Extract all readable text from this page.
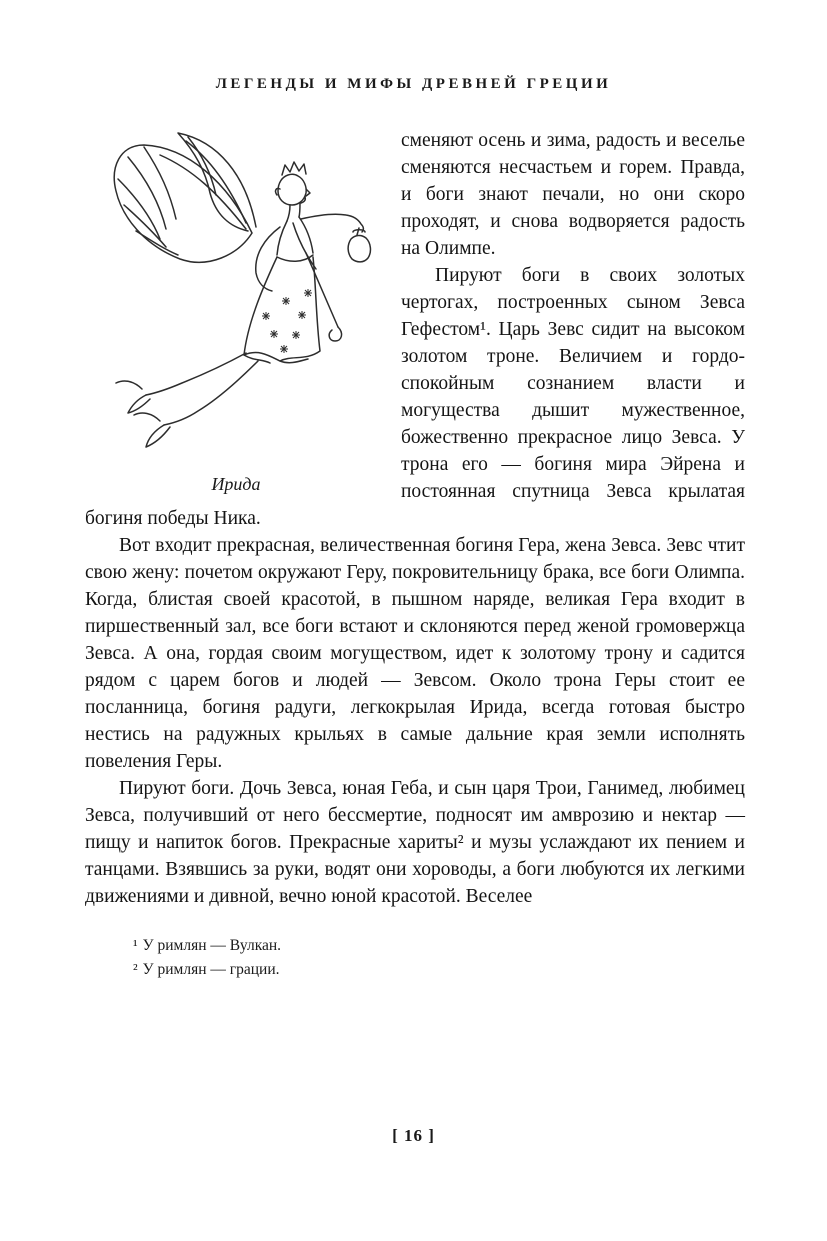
ЛЕГЕНДЫ И МИФЫ ДРЕВНЕЙ ГРЕЦИИ
Ирида

сменяют осень и зима, радость и веселье сменяются несчастьем и горем. Правда, и боги знают печали, но они скоро проходят, и снова водворяется радость на Олимпе.

Пируют боги в своих золотых чертогах, построенных сыном Зевса Гефестом¹. Царь Зевс сидит на высоком золотом троне. Величием и гордо-спокойным сознанием власти и могущества дышит мужественное, божественно прекрасное лицо Зевса. У трона его — богиня мира Эйрена и постоянная спутница Зевса крылатая богиня победы Ника.

Вот входит прекрасная, величественная богиня Гера, жена Зевса. Зевс чтит свою жену: почетом окружают Геру, покровительницу брака, все боги Олимпа. Когда, блистая своей красотой, в пышном наряде, великая Гера входит в пиршественный зал, все боги встают и склоняются перед женой громовержца Зевса. А она, гордая своим могуществом, идет к золотому трону и садится рядом с царем богов и людей — Зевсом. Около трона Геры стоит ее посланница, богиня радуги, легкокрылая Ирида, всегда готовая быстро нестись на радужных крыльях в самые дальние края земли исполнять повеления Геры.

Пируют боги. Дочь Зевса, юная Геба, и сын царя Трои, Ганимед, любимец Зевса, получивший от него бессмертие, подносят им амврозию и нектар — пищу и напиток богов. Прекрасные хариты² и музы услаждают их пением и танцами. Взявшись за руки, водят они хороводы, а боги любуются их легкими движениями и дивной, вечно юной красотой. Веселее

¹ У римлян — Вулкан.
² У римлян — грации.
[ 16 ]
